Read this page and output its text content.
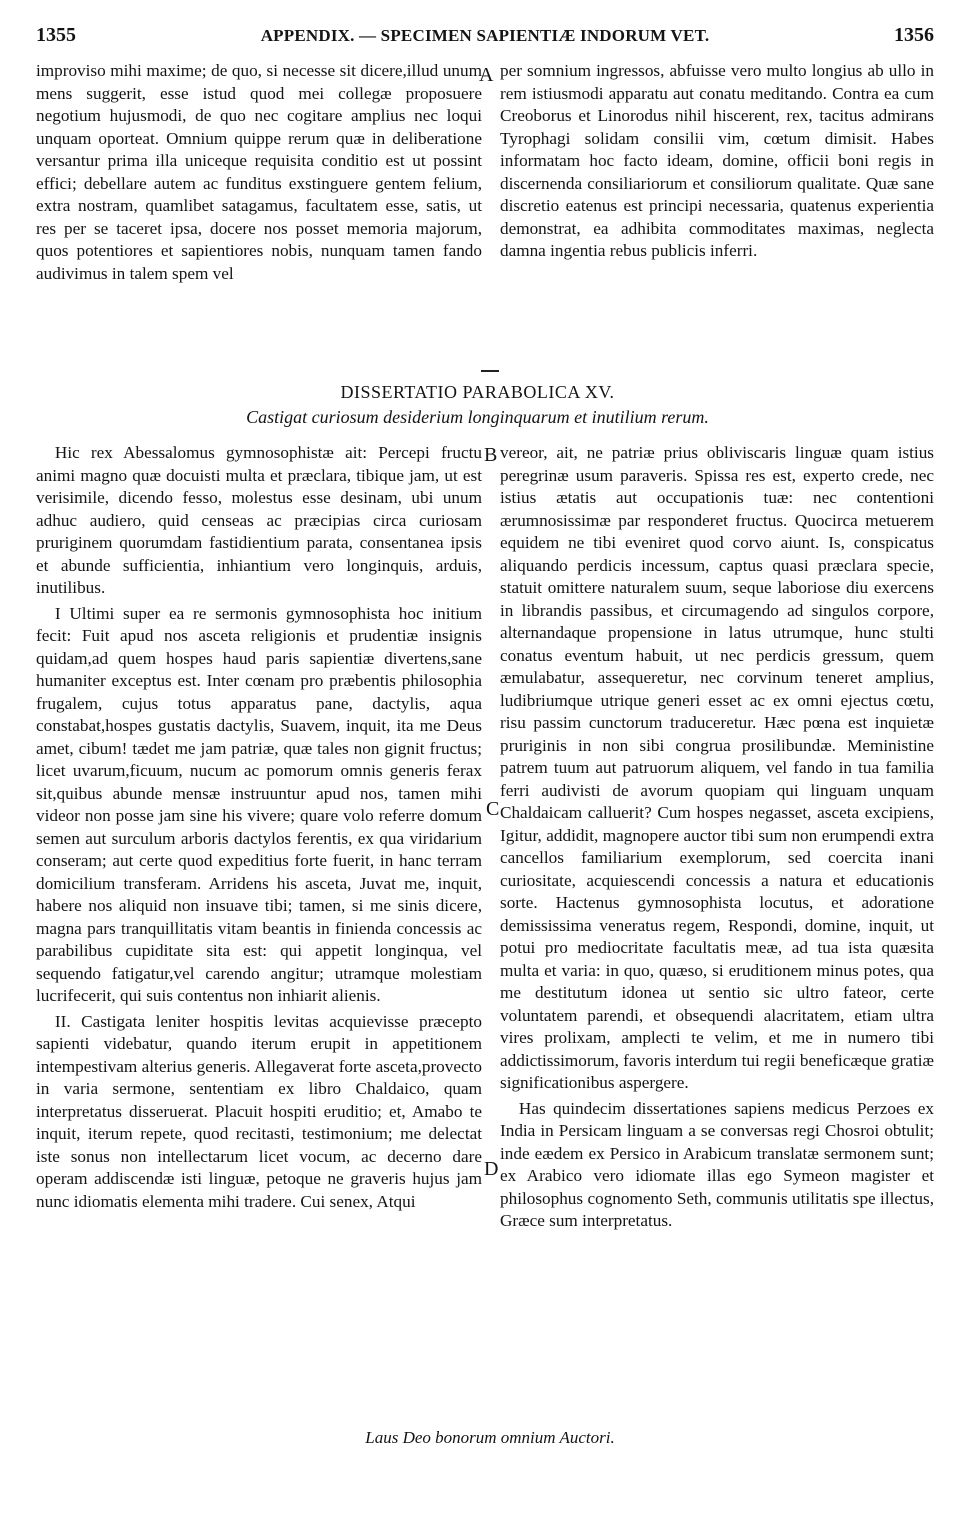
1355	APPENDIX. — SPECIMEN SAPIENTIÆ INDORUM VET.	1356

improviso mihi maxime; de quo, si necesse sit dicere,illud unum mens suggerit, esse istud quod mei collegæ proposuere negotium hujusmodi, de quo nec cogitare amplius nec loqui unquam oporteat. Omnium quippe rerum quæ in deliberatione versantur prima illa uniceque requisita conditio est ut possint effici; debellare autem ac funditus exstinguere gentem felium, extra nostram, quamlibet satagamus, facultatem esse, satis, ut res per se taceret ipsa, docere nos posset memoria majorum, quos potentiores et sapientiores nobis, nunquam tamen fando audivimus in talem spem vel

per somnium ingressos, abfuisse vero multo longius ab ullo in rem istiusmodi apparatu aut conatu meditando. Contra ea cum Creoborus et Linorodus nihil hiscerent, rex, tacitus admirans Tyrophagi solidam consilii vim, cœtum dimisit. Habes informatam hoc facto ideam, domine, officii boni regis in discernenda consiliariorum et consiliorum qualitate. Quæ sane discretio eatenus est principi necessaria, quatenus experientia demonstrat, ea adhibita commoditates maximas, neglecta damna ingentia rebus publicis inferri.

A
DISSERTATIO PARABOLICA XV.
Castigat curiosum desiderium longinquarum et inutilium rerum.

Hic rex Abessalomus gymnosophistæ ait: Percepi fructu animi magno quæ docuisti multa et præclara, tibique jam, ut est verisimile, dicendo fesso, molestus esse desinam, ubi unum adhuc audiero, quid censeas ac præcipias circa curiosam pruriginem quorumdam fastidientium parata, consentanea ipsis et abunde sufficientia, inhiantium vero longinquis, arduis, inutilibus.

I Ultimi super ea re sermonis gymnosophista hoc initium fecit: Fuit apud nos asceta religionis et prudentiæ insignis quidam,ad quem hospes haud paris sapientiæ divertens,sane humaniter exceptus est. Inter cœnam pro præbentis philosophia frugalem, cujus totus apparatus pane, dactylis, aqua constabat,hospes gustatis dactylis, Suavem, inquit, ita me Deus amet, cibum! tædet me jam patriæ, quæ tales non gignit fructus; licet uvarum,ficuum, nucum ac pomorum omnis generis ferax sit,quibus abunde mensæ instruuntur apud nos, tamen mihi videor non posse jam sine his vivere; quare volo referre domum semen aut surculum arboris dactylos ferentis, ex qua viridarium conseram; aut certe quod expeditius forte fuerit, in hanc terram domicilium transferam. Arridens his asceta, Juvat me, inquit, habere nos aliquid non insuave tibi; tamen, si me sinis dicere, magna pars tranquillitatis vitam beantis in finienda concessis ac parabilibus cupiditate sita est: qui appetit longinqua, vel sequendo fatigatur,vel carendo angitur; utramque molestiam lucrifecerit, qui suis contentus non inhiarit alienis.

II. Castigata leniter hospitis levitas acquievisse præcepto sapienti videbatur, quando iterum erupit in appetitionem intempestivam alterius generis. Allegaverat forte asceta,provecto in varia sermone, sententiam ex libro Chaldaico, quam interpretatus disseruerat. Placuit hospiti eruditio; et, Amabo te inquit, iterum repete, quod recitasti, testimonium; me delectat iste sonus non intellectarum licet vocum, ac decerno dare operam addiscendæ isti linguæ, petoque ne graveris hujus jam nunc idiomatis elementa mihi tradere. Cui senex, Atqui

B
C
D

vereor, ait, ne patriæ prius obliviscaris linguæ quam istius peregrinæ usum paraveris. Spissa res est, experto crede, nec istius ætatis aut occupationis tuæ: nec contentioni ærumnosissimæ par responderet fructus. Quocirca metuerem equidem ne tibi eveniret quod corvo aiunt. Is, conspicatus aliquando perdicis incessum, captus quasi præclara specie, statuit omittere naturalem suum, seque laboriose diu exercens in librandis passibus, et circumagendo ad singulos corpore, alternandaque propensione in latus utrumque, hunc stulti conatus eventum habuit, ut nec perdicis gressum, quem æmulabatur, assequeretur, nec corvinum teneret amplius, ludibriumque utrique generi esset ac ex omni ejectus cœtu, risu passim cunctorum traduceretur. Hæc pœna est inquietæ pruriginis in non sibi congrua prosilibundæ. Meministine patrem tuum aut patruorum aliquem, vel fando in tua familia ferri audivisti de avorum quopiam qui linguam unquam Chaldaicam calluerit? Cum hospes negasset, asceta excipiens, Igitur, addidit, magnopere auctor tibi sum non erumpendi extra cancellos familiarium exemplorum, sed coercita inani curiositate, acquiescendi concessis a natura et educationis sorte. Hactenus gymnosophista locutus, et adoratione demississima veneratus regem, Respondi, domine, inquit, ut potui pro mediocritate facultatis meæ, ad tua ista quæsita multa et varia: in quo, quæso, si eruditionem minus potes, qua me destitutum idonea ut sentio sic ultro fateor, certe voluntatem parendi, et obsequendi alacritatem, etiam ultra vires prolixam, amplecti te velim, et me in numero tibi addictissimorum, favoris interdum tui regii beneficæque gratiæ significationibus aspergere.

Has quindecim dissertationes sapiens medicus Perzoes ex India in Persicam linguam a se conversas regi Chosroi obtulit; inde eædem ex Persico in Arabicum translatæ sermonem sunt; ex Arabico vero idiomate illas ego Symeon magister et philosophus cognomento Seth, communis utilitatis spe illectus, Græce sum interpretatus.

Laus Deo bonorum omnium Auctori.
